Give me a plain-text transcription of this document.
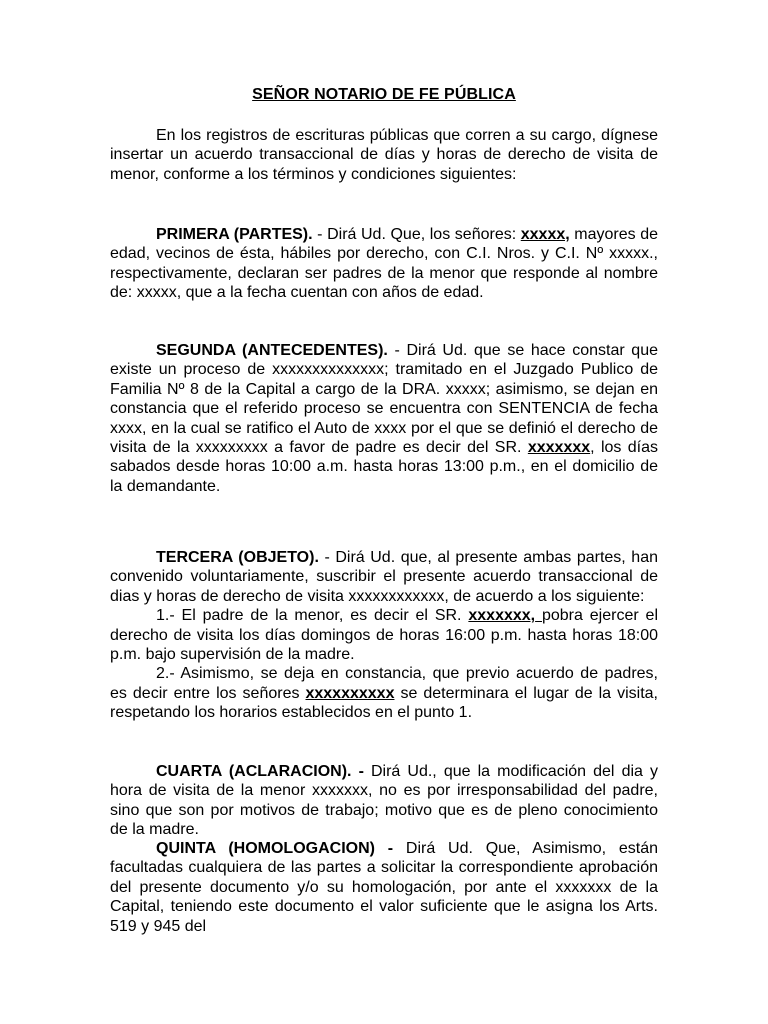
SEÑOR NOTARIO DE FE PÚBLICA

En los registros de escrituras públicas que corren a su cargo, dígnese insertar un acuerdo transaccional de días y horas de derecho de visita de menor, conforme a los términos y condiciones siguientes:

PRIMERA (PARTES). - Dirá Ud. Que, los señores: xxxxx, mayores de edad, vecinos de ésta, hábiles por derecho, con C.I. Nros. y C.I. Nº xxxxx., respectivamente, declaran ser padres de la menor que responde al nombre de: xxxxx, que a la fecha cuentan con años de edad.

SEGUNDA (ANTECEDENTES). - Dirá Ud. que se hace constar que existe un proceso de xxxxxxxxxxxxxx; tramitado en el Juzgado Publico de Familia Nº 8 de la Capital a cargo de la DRA. xxxxx; asimismo, se dejan en constancia que el referido proceso se encuentra con SENTENCIA de fecha xxxx, en la cual se ratifico el Auto de xxxx por el que se definió el derecho de visita de la xxxxxxxxx a favor de padre es decir del SR. xxxxxxx, los días sabados desde horas 10:00 a.m. hasta horas 13:00 p.m., en el domicilio de la demandante.

TERCERA (OBJETO). - Dirá Ud. que, al presente ambas partes, han convenido voluntariamente, suscribir el presente acuerdo transaccional de dias y horas de derecho de visita xxxxxxxxxxxx, de acuerdo a los siguiente:

1.- El padre de la menor, es decir el SR. xxxxxxx, pobra ejercer el derecho de visita los días domingos de horas 16:00 p.m. hasta horas 18:00 p.m. bajo supervisión de la madre.

2.- Asimismo, se deja en constancia, que previo acuerdo de padres, es decir entre los señores xxxxxxxxxx se determinara el lugar de la visita, respetando los horarios establecidos en el punto 1.

CUARTA (ACLARACION). - Dirá Ud., que la modificación del dia y hora de visita de la menor xxxxxxx, no es por irresponsabilidad del padre, sino que son por motivos de trabajo; motivo que es de pleno conocimiento de la madre.

QUINTA (HOMOLOGACION) - Dirá Ud. Que, Asimismo, están facultadas cualquiera de las partes a solicitar la correspondiente aprobación del presente documento y/o su homologación, por ante el xxxxxxx de la Capital, teniendo este documento el valor suficiente que le asigna los Arts. 519 y 945 del
